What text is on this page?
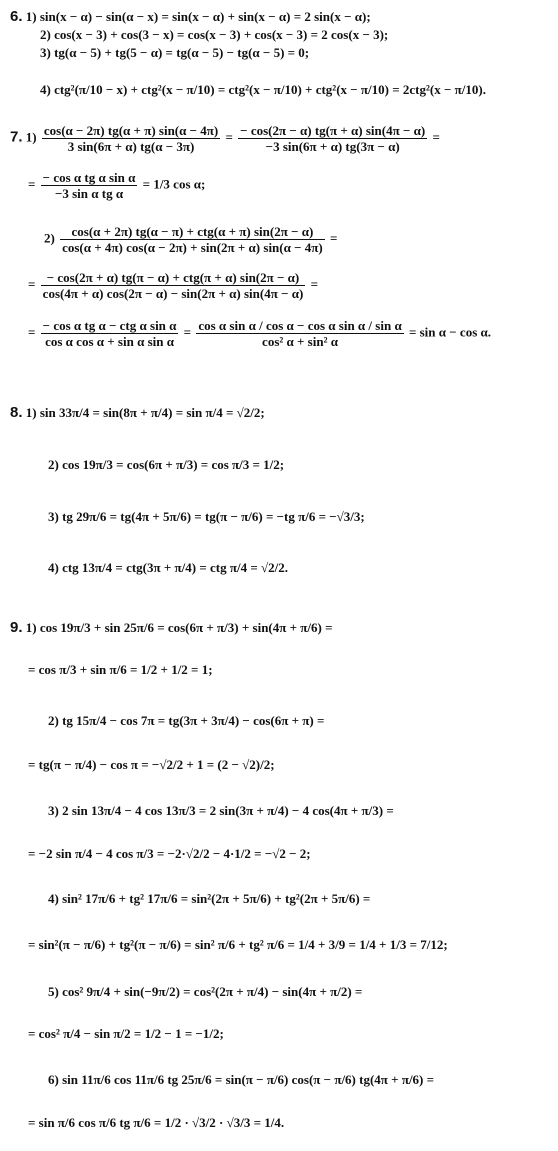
6. 1) sin(x − α) − sin(α − x) = sin(x − α) + sin(x − α) = 2 sin(x − α);
2) cos(x − 3) + cos(3 − x) = cos(x − 3) + cos(x − 3) = 2 cos(x − 3);
3) tg(α − 5) + tg(5 − α) = tg(α − 5) − tg(α − 5) = 0;
4) ctg²(π/10 − x) + ctg²(x − π/10) = ctg²(x − π/10) + ctg²(x − π/10) = 2ctg²(x − π/10).
7. $1) \frac{\cos(\alpha - 2\pi) tg(\alpha + \pi) \sin(\alpha - 4\pi)}{3 \sin(6\pi + \alpha) tg(\alpha - 3\pi)} = \frac{- \cos(2\pi - \alpha) tg(\pi + \alpha) \sin(4\pi - \alpha)}{-3 \sin(6\pi + \alpha) tg(3\pi - \alpha)}$ =
= $\frac{\text{− cos α tg α sin α}}{\text{−3 sin α tg α}} = 1/3$ cos α;
$2) \frac{\text{cos(α + 2π) tg(α − π) + ctg(α + π) sin(2π − α)}}{\cos(\alpha + 4\pi) \cos(\alpha - 2\pi) + \sin(2\pi + \alpha) \sin(\alpha - 4\pi)}$ =
= $\frac{\text{− cos(2π + α) tg(π − α) + ctg(π + α) sin(2π − α)}}{\cos(4\pi + \alpha) \cos(2\pi - \alpha) - \sin(2\pi + \alpha) \sin(4\pi - \alpha)}$ =
= $\frac{\text{− cos α tg α − ctg α sin α}}{\text{cos α cos α + sin α sin α}} = \frac{\text{cos α sin α / cos α − cos α sin α / sin α}}{\text{cos² α + sin² α}} = \sin \alpha - \cos \alpha$.
8. 1) sin 33π/4 = sin(8π + π/4) = sin π/4 = √2/2;
2) cos 19π/3 = cos(6π + π/3) = cos π/3 = 1/2;
3) tg 29π/6 = tg(4π + 5π/6) = tg(π − π/6) = −tg π/6 = −√3/3;
4) ctg 13π/4 = ctg(3π + π/4) = ctg π/4 = √2/2.
9. 1) cos 19π/3 + sin 25π/6 = cos(6π + π/3) + sin(4π + π/6) =
= cos π/3 + sin π/6 = 1/2 + 1/2 = 1;
2) tg 15π/4 − cos 7π = tg(3π + 3π/4) − cos(6π + π) =
= tg(π − π/4) − cos π = −√2/2 + 1 = (2 − √2)/2;
3) 2 sin 13π/4 − 4 cos 13π/3 = 2 sin(3π + π/4) − 4 cos(4π + π/3) =
= −2 sin π/4 − 4 cos π/3 = −2·√2/2 − 4·1/2 = −√2 − 2;
4) sin² 17π/6 + tg² 17π/6 = sin²(2π + 5π/6) + tg²(2π + 5π/6) =
= sin²(π − π/6) + tg²(π − π/6) = sin² π/6 + tg² π/6 = 1/4 + 3/9 = 1/4 + 1/3 = 7/12;
5) cos² 9π/4 + sin(−9π/2) = cos²(2π + π/4) − sin(4π + π/2) =
= cos² π/4 − sin π/2 = 1/2 − 1 = −1/2;
6) sin 11π/6 cos 11π/6 tg 25π/6 = sin(π − π/6) cos(π − π/6) tg(4π + π/6) =
= sin π/6 cos π/6 tg π/6 = 1/2 · √3/2 · √3/3 = 1/4.
